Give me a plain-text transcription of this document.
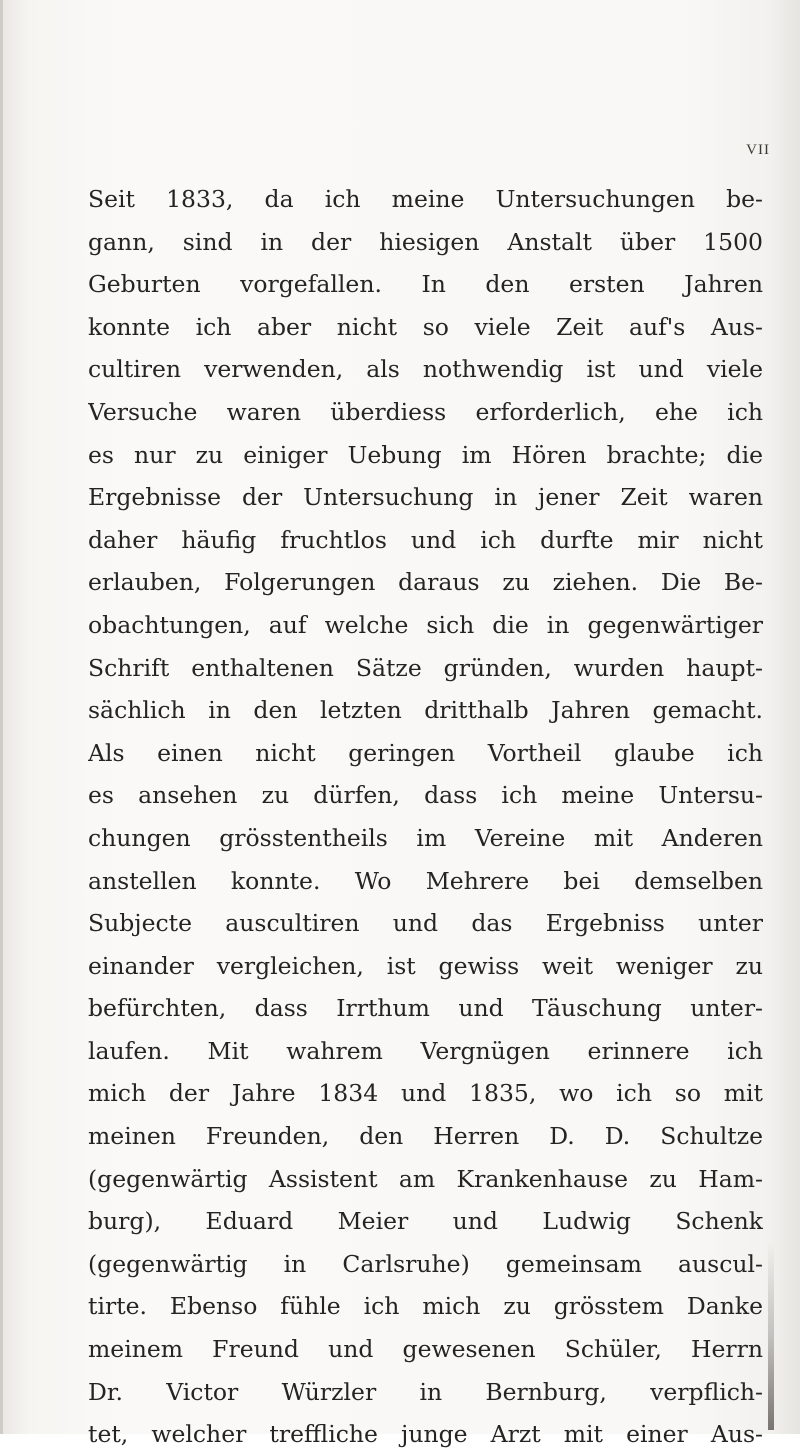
VII
Seit 1833, da ich meine Untersuchungen be-
gann, sind in der hiesigen Anstalt über 1500
Geburten vorgefallen. In den ersten Jahren
konnte ich aber nicht so viele Zeit auf's Aus-
cultiren verwenden, als nothwendig ist und viele
Versuche waren überdiess erforderlich, ehe ich
es nur zu einiger Uebung im Hören brachte; die
Ergebnisse der Untersuchung in jener Zeit waren
daher häufig fruchtlos und ich durfte mir nicht
erlauben, Folgerungen daraus zu ziehen. Die Be-
obachtungen, auf welche sich die in gegenwärtiger
Schrift enthaltenen Sätze gründen, wurden haupt-
sächlich in den letzten dritthalb Jahren gemacht.
Als einen nicht geringen Vortheil glaube ich
es ansehen zu dürfen, dass ich meine Untersu-
chungen grösstentheils im Vereine mit Anderen
anstellen konnte. Wo Mehrere bei demselben
Subjecte auscultiren und das Ergebniss unter
einander vergleichen, ist gewiss weit weniger zu
befürchten, dass Irrthum und Täuschung unter-
laufen. Mit wahrem Vergnügen erinnere ich
mich der Jahre 1834 und 1835, wo ich so mit
meinen Freunden, den Herren D. D. Schultze
(gegenwärtig Assistent am Krankenhause zu Ham-
burg), Eduard Meier und Ludwig Schenk
(gegenwärtig in Carlsruhe) gemeinsam auscul-
tirte. Ebenso fühle ich mich zu grösstem Danke
meinem Freund und gewesenen Schüler, Herrn
Dr. Victor Würzler in Bernburg, verpflich-
tet, welcher treffliche junge Arzt mit einer Aus-
